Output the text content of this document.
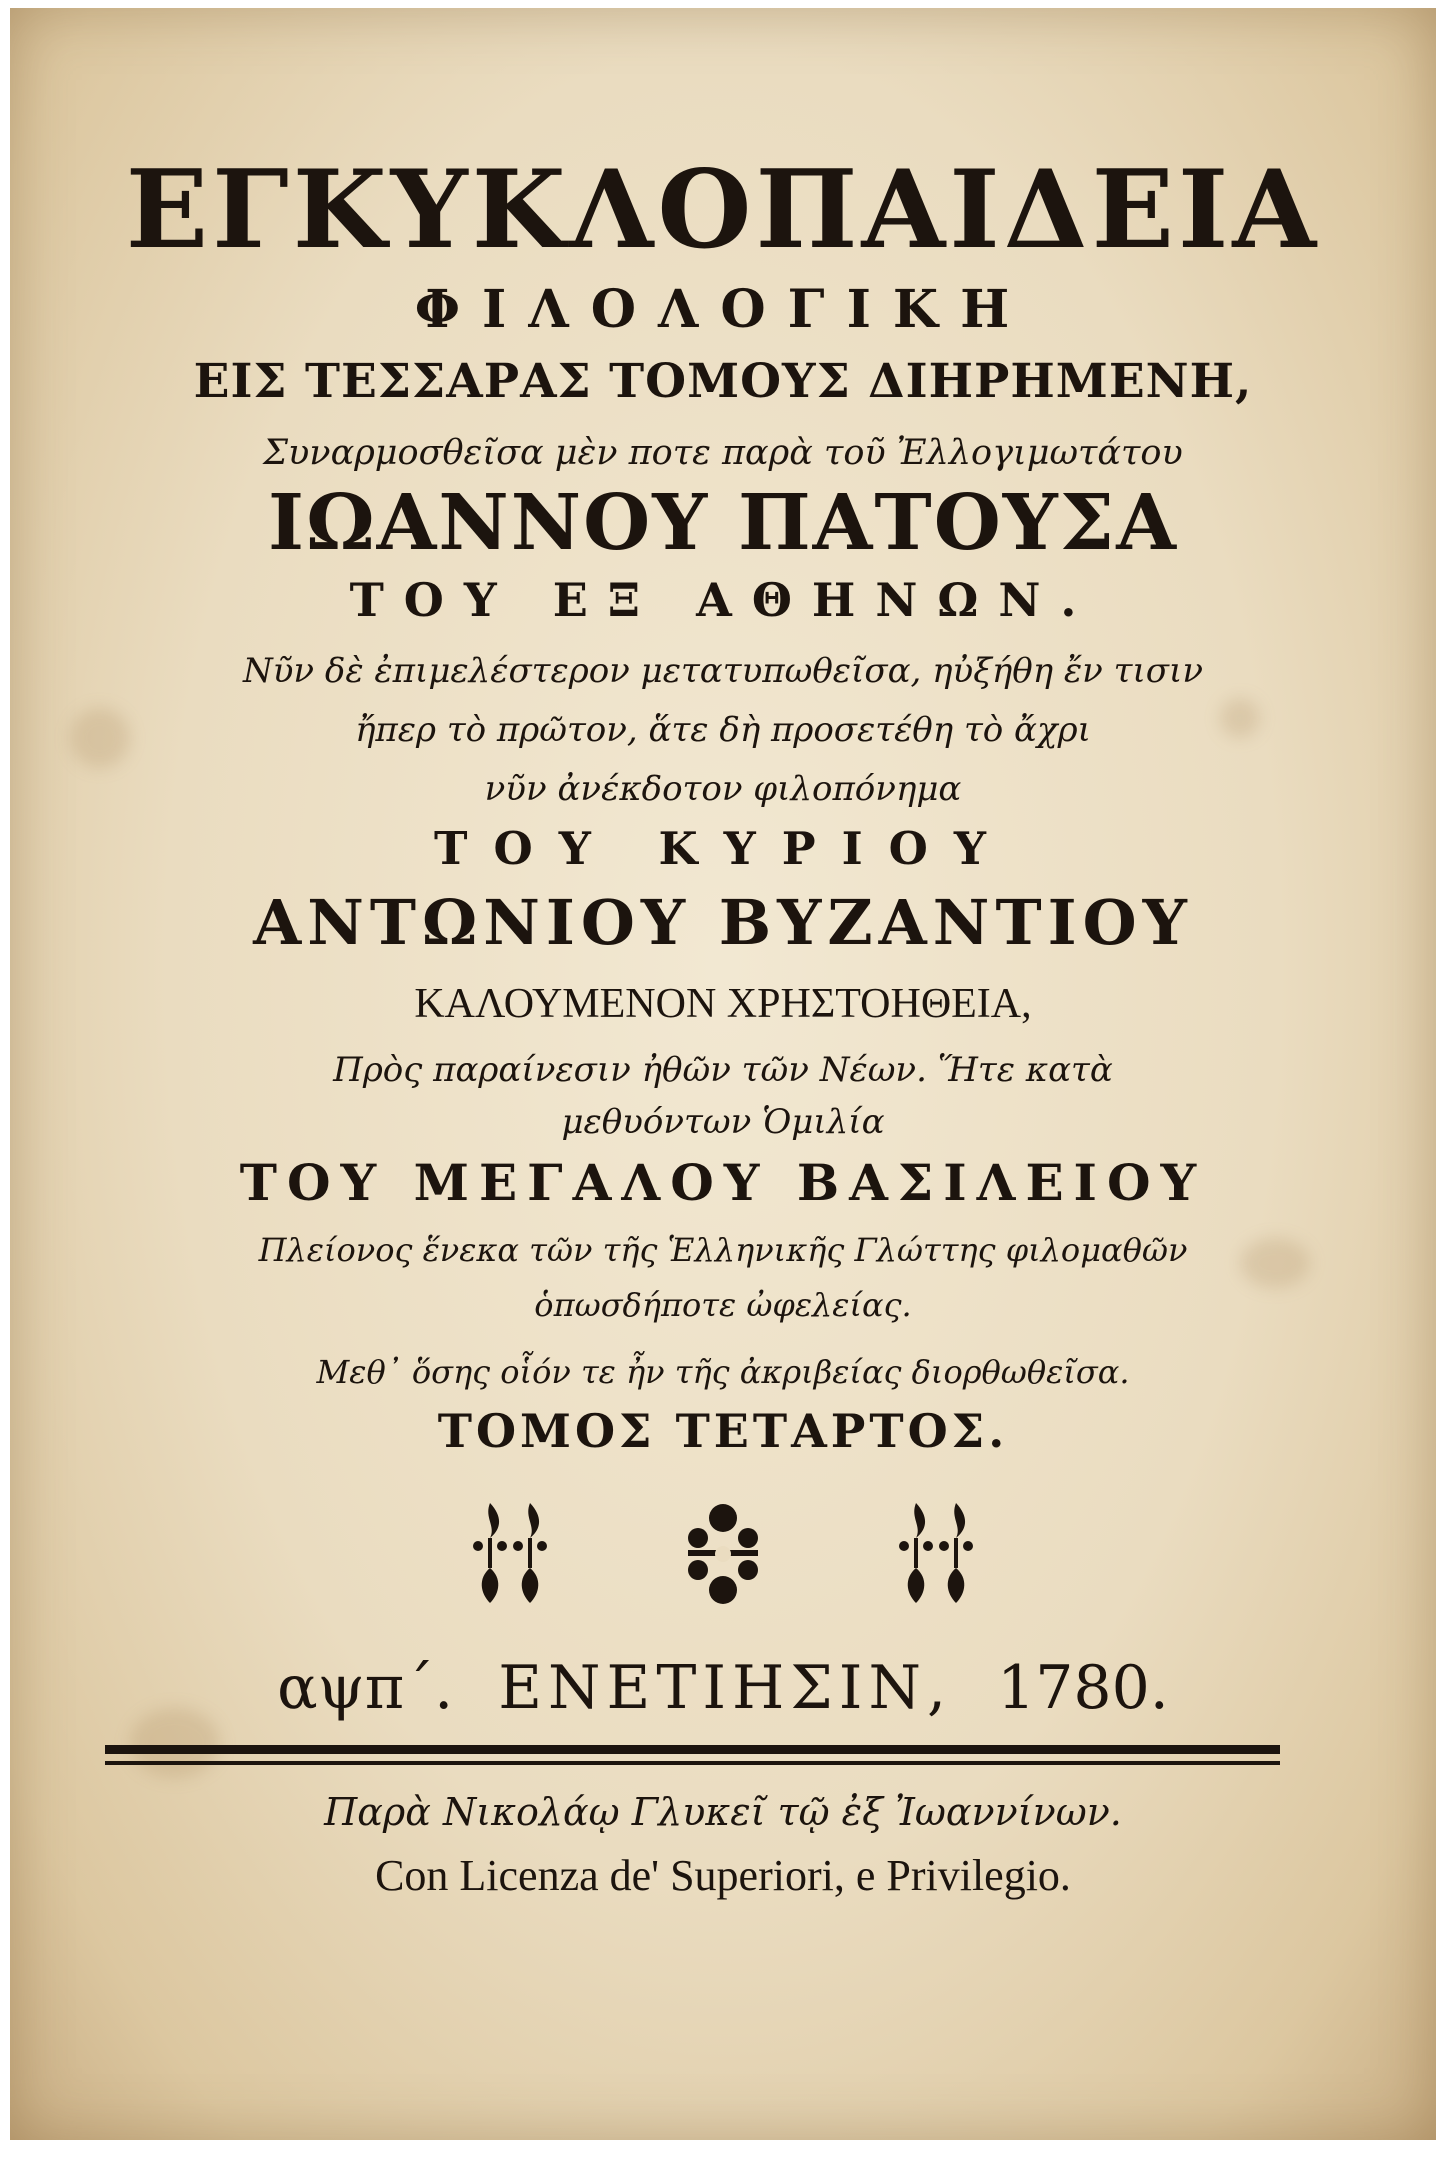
ΕΓΚΥΚΛΟΠΑΙΔΕΙΑ
ΦΙΛΟΛΟΓΙΚΗ
ΕΙΣ ΤΕΣΣΑΡΑΣ ΤΟΜΟΥΣ ΔΙΗΡΗΜΕΝΗ,
Συναρμοσθεῖσα μὲν ποτε παρὰ τοῦ Ἐλλογιμωτάτου
ΙΩΑΝΝΟΥ ΠΑΤΟΥΣΑ
ΤΟΥ ΕΞ ΑΘΗΝΩΝ.
Νῦν δὲ ἐπιμελέστερον μετατυπωθεῖσα, ηὐξήθη ἔν τισιν
ἤπερ τὸ πρῶτον, ἅτε δὴ προσετέθη τὸ ἄχρι
νῦν ἀνέκδοτον φιλοπόνημα
ΤΟΥ ΚΥΡΙΟΥ
ΑΝΤΩΝΙΟΥ ΒΥΖΑΝΤΙΟΥ
ΚΑΛΟΥΜΕΝΟΝ ΧΡΗΣΤΟΗΘΕΙΑ,
Πρὸς παραίνεσιν ἠθῶν τῶν Νέων. Ἥτε κατὰ
μεθυόντων Ὁμιλία
ΤΟΥ ΜΕΓΑΛΟΥ ΒΑΣΙΛΕΙΟΥ
Πλείονος ἕνεκα τῶν τῆς Ἑλληνικῆς Γλώττης φιλομαθῶν
ὁπωσδήποτε ὠφελείας.
Μεθ᾽ ὅσης οἷόν τε ἦν τῆς ἀκριβείας διορθωθεῖσα.
ΤΟΜΟΣ ΤΕΤΑΡΤΟΣ.
αψπ΄. ΕΝΕΤΙΗΣΙΝ, 1780.
Παρὰ Νικολάῳ Γλυκεῖ τῷ ἐξ Ἰωαννίνων.
Con Licenza de' Superiori, e Privilegio.
